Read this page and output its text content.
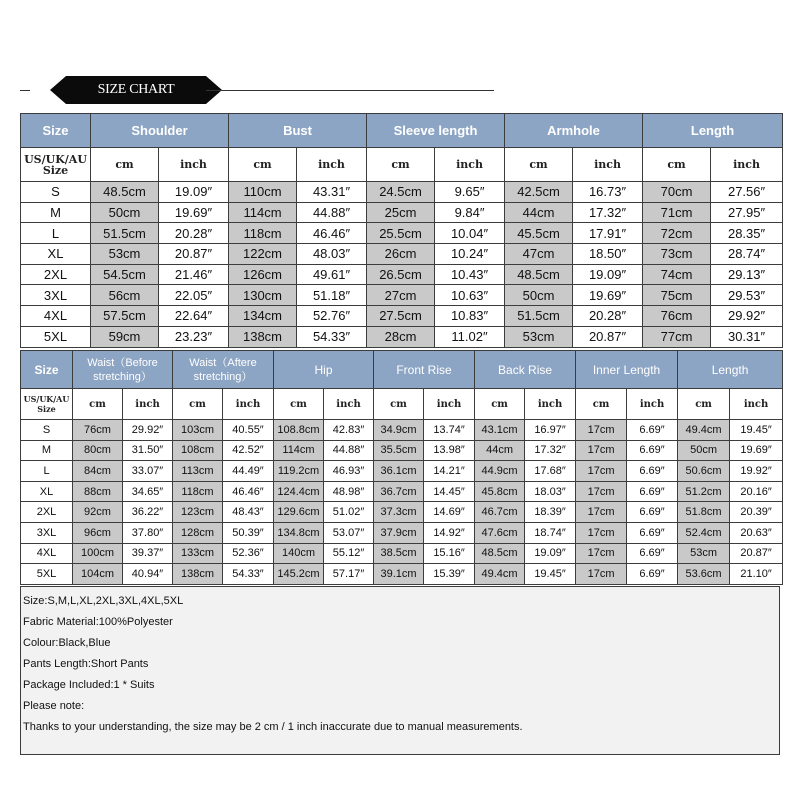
SIZE CHART
Size	Shoulder		Bust		Sleeve length		Armhole		Length	
US/UK/AU Size	cm	inch	cm	inch	cm	inch	cm	inch	cm	inch
S	48.5cm	19.09″	110cm	43.31″	24.5cm	9.65″	42.5cm	16.73″	70cm	27.56″
M	50cm	19.69″	114cm	44.88″	25cm	9.84″	44cm	17.32″	71cm	27.95″
L	51.5cm	20.28″	118cm	46.46″	25.5cm	10.04″	45.5cm	17.91″	72cm	28.35″
XL	53cm	20.87″	122cm	48.03″	26cm	10.24″	47cm	18.50″	73cm	28.74″
2XL	54.5cm	21.46″	126cm	49.61″	26.5cm	10.43″	48.5cm	19.09″	74cm	29.13″
3XL	56cm	22.05″	130cm	51.18″	27cm	10.63″	50cm	19.69″	75cm	29.53″
4XL	57.5cm	22.64″	134cm	52.76″	27.5cm	10.83″	51.5cm	20.28″	76cm	29.92″
5XL	59cm	23.23″	138cm	54.33″	28cm	11.02″	53cm	20.87″	77cm	30.31″
Size	Waist（Before stretching）		Waist（Aftere stretching）		Hip		Front Rise		Back Rise		Inner Length		Length	
US/UK/AU Size	cm	inch	cm	inch	cm	inch	cm	inch	cm	inch	cm	inch	cm	inch
S	76cm	29.92″	103cm	40.55″	108.8cm	42.83″	34.9cm	13.74″	43.1cm	16.97″	17cm	6.69″	49.4cm	19.45″
M	80cm	31.50″	108cm	42.52″	114cm	44.88″	35.5cm	13.98″	44cm	17.32″	17cm	6.69″	50cm	19.69″
L	84cm	33.07″	113cm	44.49″	119.2cm	46.93″	36.1cm	14.21″	44.9cm	17.68″	17cm	6.69″	50.6cm	19.92″
XL	88cm	34.65″	118cm	46.46″	124.4cm	48.98″	36.7cm	14.45″	45.8cm	18.03″	17cm	6.69″	51.2cm	20.16″
2XL	92cm	36.22″	123cm	48.43″	129.6cm	51.02″	37.3cm	14.69″	46.7cm	18.39″	17cm	6.69″	51.8cm	20.39″
3XL	96cm	37.80″	128cm	50.39″	134.8cm	53.07″	37.9cm	14.92″	47.6cm	18.74″	17cm	6.69″	52.4cm	20.63″
4XL	100cm	39.37″	133cm	52.36″	140cm	55.12″	38.5cm	15.16″	48.5cm	19.09″	17cm	6.69″	53cm	20.87″
5XL	104cm	40.94″	138cm	54.33″	145.2cm	57.17″	39.1cm	15.39″	49.4cm	19.45″	17cm	6.69″	53.6cm	21.10″
Size:S,M,L,XL,2XL,3XL,4XL,5XL
Fabric Material:100%Polyester
Colour:Black,Blue
Pants Length:Short Pants
Package Included:1 * Suits
Please note:
Thanks to your understanding, the size may be 2 cm / 1 inch inaccurate due to manual measurements.
